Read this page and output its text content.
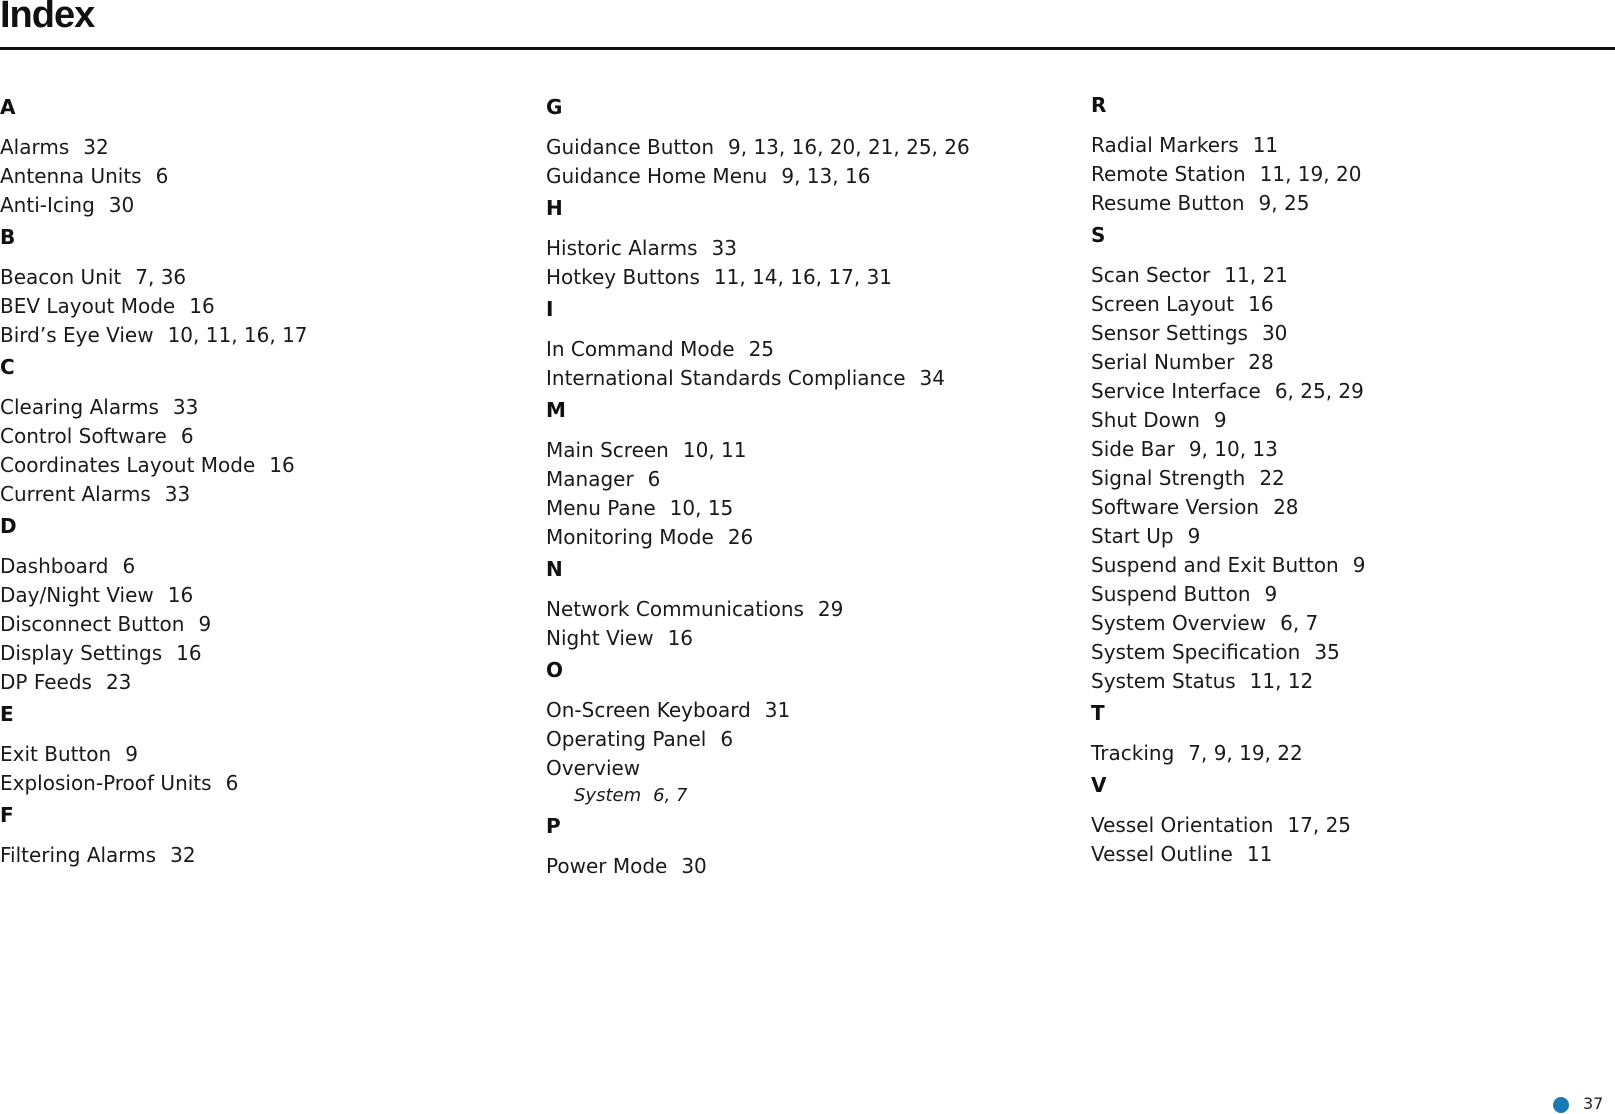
Index
A
Alarms 32
Antenna Units 6
Anti-Icing 30
B
Beacon Unit 7, 36
BEV Layout Mode 16
Bird’s Eye View 10, 11, 16, 17
C
Clearing Alarms 33
Control Software 6
Coordinates Layout Mode 16
Current Alarms 33
D
Dashboard 6
Day/Night View 16
Disconnect Button 9
Display Settings 16
DP Feeds 23
E
Exit Button 9
Explosion-Proof Units 6
F
Filtering Alarms 32
G
Guidance Button 9, 13, 16, 20, 21, 25, 26
Guidance Home Menu 9, 13, 16
H
Historic Alarms 33
Hotkey Buttons 11, 14, 16, 17, 31
I
In Command Mode 25
International Standards Compliance 34
M
Main Screen 10, 11
Manager 6
Menu Pane 10, 15
Monitoring Mode 26
N
Network Communications 29
Night View 16
O
On-Screen Keyboard 31
Operating Panel 6
Overview
System 6, 7
P
Power Mode 30
R
Radial Markers 11
Remote Station 11, 19, 20
Resume Button 9, 25
S
Scan Sector 11, 21
Screen Layout 16
Sensor Settings 30
Serial Number 28
Service Interface 6, 25, 29
Shut Down 9
Side Bar 9, 10, 13
Signal Strength 22
Software Version 28
Start Up 9
Suspend and Exit Button 9
Suspend Button 9
System Overview 6, 7
System Specification 35
System Status 11, 12
T
Tracking 7, 9, 19, 22
V
Vessel Orientation 17, 25
Vessel Outline 11
37
